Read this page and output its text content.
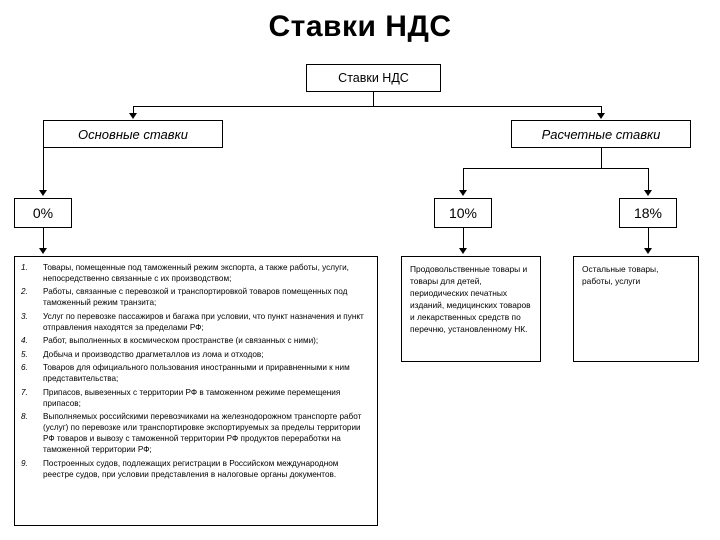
Ставки НДС
Ставки НДС
Основные ставки	Расчетные ставки
0%	10%	18%
1.	Товары, помещенные под таможенный режим экспорта, а также работы, услуги, непосредственно связанные с их производством;
2.	Работы, связанные с перевозкой и транспортировкой товаров помещенных под таможенный режим транзита;
3.	Услуг по перевозке пассажиров и багажа при условии, что пункт назначения и пункт отправления находятся за пределами РФ;
4.	Работ, выполненных в космическом пространстве (и связанных с ними);
5.	Добыча и производство драгметаллов из лома и отходов;
6.	Товаров для официального пользования иностранными и приравненными к ним представительства;
7.	Припасов, вывезенных с территории РФ в таможенном режиме перемещения припасов;
8.	Выполняемых российскими перевозчиками на железнодорожном транспорте работ (услуг) по перевозке или транспортировке экспортируемых за пределы территории РФ товаров и вывозу с таможенной территории РФ продуктов переработки на таможенной территории РФ;
9.	Построенных судов, подлежащих регистрации в Российском международном реестре судов, при условии представления в налоговые органы документов.

Продовольственные товары и товары для детей, периодических печатных изданий, медицинских товаров и лекарственных средств по перечню, установленному НК.

Остальные товары, работы, услуги
